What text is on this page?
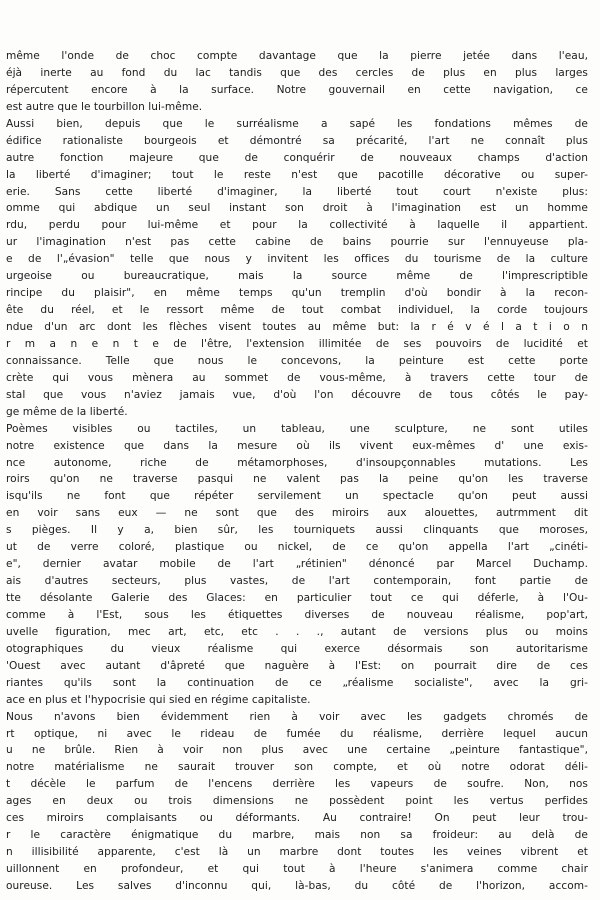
même l'onde de choc compte davantage que la pierre jetée dans l'eau,
éjà inerte au fond du lac tandis que des cercles de plus en plus larges
répercutent encore à la surface. Notre gouvernail en cette navigation, ce
est autre que le tourbillon lui-même.
Aussi bien, depuis que le surréalisme a sapé les fondations mêmes de
édifice rationaliste bourgeois et démontré sa précarité, l'art ne connaît plus
autre fonction majeure que de conquérir de nouveaux champs d'action
la liberté d'imaginer; tout le reste n'est que pacotille décorative ou super-
erie. Sans cette liberté d'imaginer, la liberté tout court n'existe plus:
omme qui abdique un seul instant son droit à l'imagination est un homme
rdu, perdu pour lui-même et pour la collectivité à laquelle il appartient.
ur l'imagination n'est pas cette cabine de bains pourrie sur l'ennuyeuse pla-
e de l'„évasion" telle que nous y invitent les offices du tourisme de la culture
urgeoise ou bureaucratique, mais la source même de l'imprescriptible
rincipe du plaisir", en même temps qu'un tremplin d'où bondir à la recon-
ête du réel, et le ressort même de tout combat individuel, la corde toujours
ndue d'un arc dont les flèches visent toutes au même but: la r é v é l a t i o n
r m a n e n t e de l'être, l'extension illimitée de ses pouvoirs de lucidité et
connaissance. Telle que nous le concevons, la peinture est cette porte
crète qui vous mènera au sommet de vous-même, à travers cette tour de
stal que vous n'aviez jamais vue, d'où l'on découvre de tous côtés le pay-
ge même de la liberté.
Poèmes visibles ou tactiles, un tableau, une sculpture, ne sont utiles
notre existence que dans la mesure où ils vivent eux-mêmes d' une exis-
nce autonome, riche de métamorphoses, d'insoupçonnables mutations. Les
roirs qu'on ne traverse pasqui ne valent pas la peine qu'on les traverse
isqu'ils ne font que répéter servilement un spectacle qu'on peut aussi
en voir sans eux — ne sont que des miroirs aux alouettes, autrmment dit
s pièges. Il y a, bien sûr, les tourniquets aussi clinquants que moroses,
ut de verre coloré, plastique ou nickel, de ce qu'on appella l'art „cinéti-
e", dernier avatar mobile de l'art „rétinien" dénoncé par Marcel Duchamp.
ais d'autres secteurs, plus vastes, de l'art contemporain, font partie de
tte désolante Galerie des Glaces: en particulier tout ce qui déferle, à l'Ou-
comme à l'Est, sous les étiquettes diverses de nouveau réalisme, pop'art,
uvelle figuration, mec art, etc, etc . . ., autant de versions plus ou moins
otographiques du vieux réalisme qui exerce désormais son autoritarisme
'Ouest avec autant d'âpreté que naguère à l'Est: on pourrait dire de ces
riantes qu'ils sont la continuation de ce „réalisme socialiste", avec la gri-
ace en plus et l'hypocrisie qui sied en régime capitaliste.
Nous n'avons bien évidemment rien à voir avec les gadgets chromés de
rt optique, ni avec le rideau de fumée du réalisme, derrière lequel aucun
u ne brûle. Rien à voir non plus avec une certaine „peinture fantastique",
notre matérialisme ne saurait trouver son compte, et où notre odorat déli-
t décèle le parfum de l'encens derrière les vapeurs de soufre. Non, nos
ages en deux ou trois dimensions ne possèdent point les vertus perfides
ces miroirs complaisants ou déformants. Au contraire! On peut leur trou-
r le caractère énigmatique du marbre, mais non sa froideur: au delà de
n illisibilité apparente, c'est là un marbre dont toutes les veines vibrent et
uillonnent en profondeur, et qui tout à l'heure s'animera comme chair
oureuse. Les salves d'inconnu qui, là-bas, du côté de l'horizon, accom-
